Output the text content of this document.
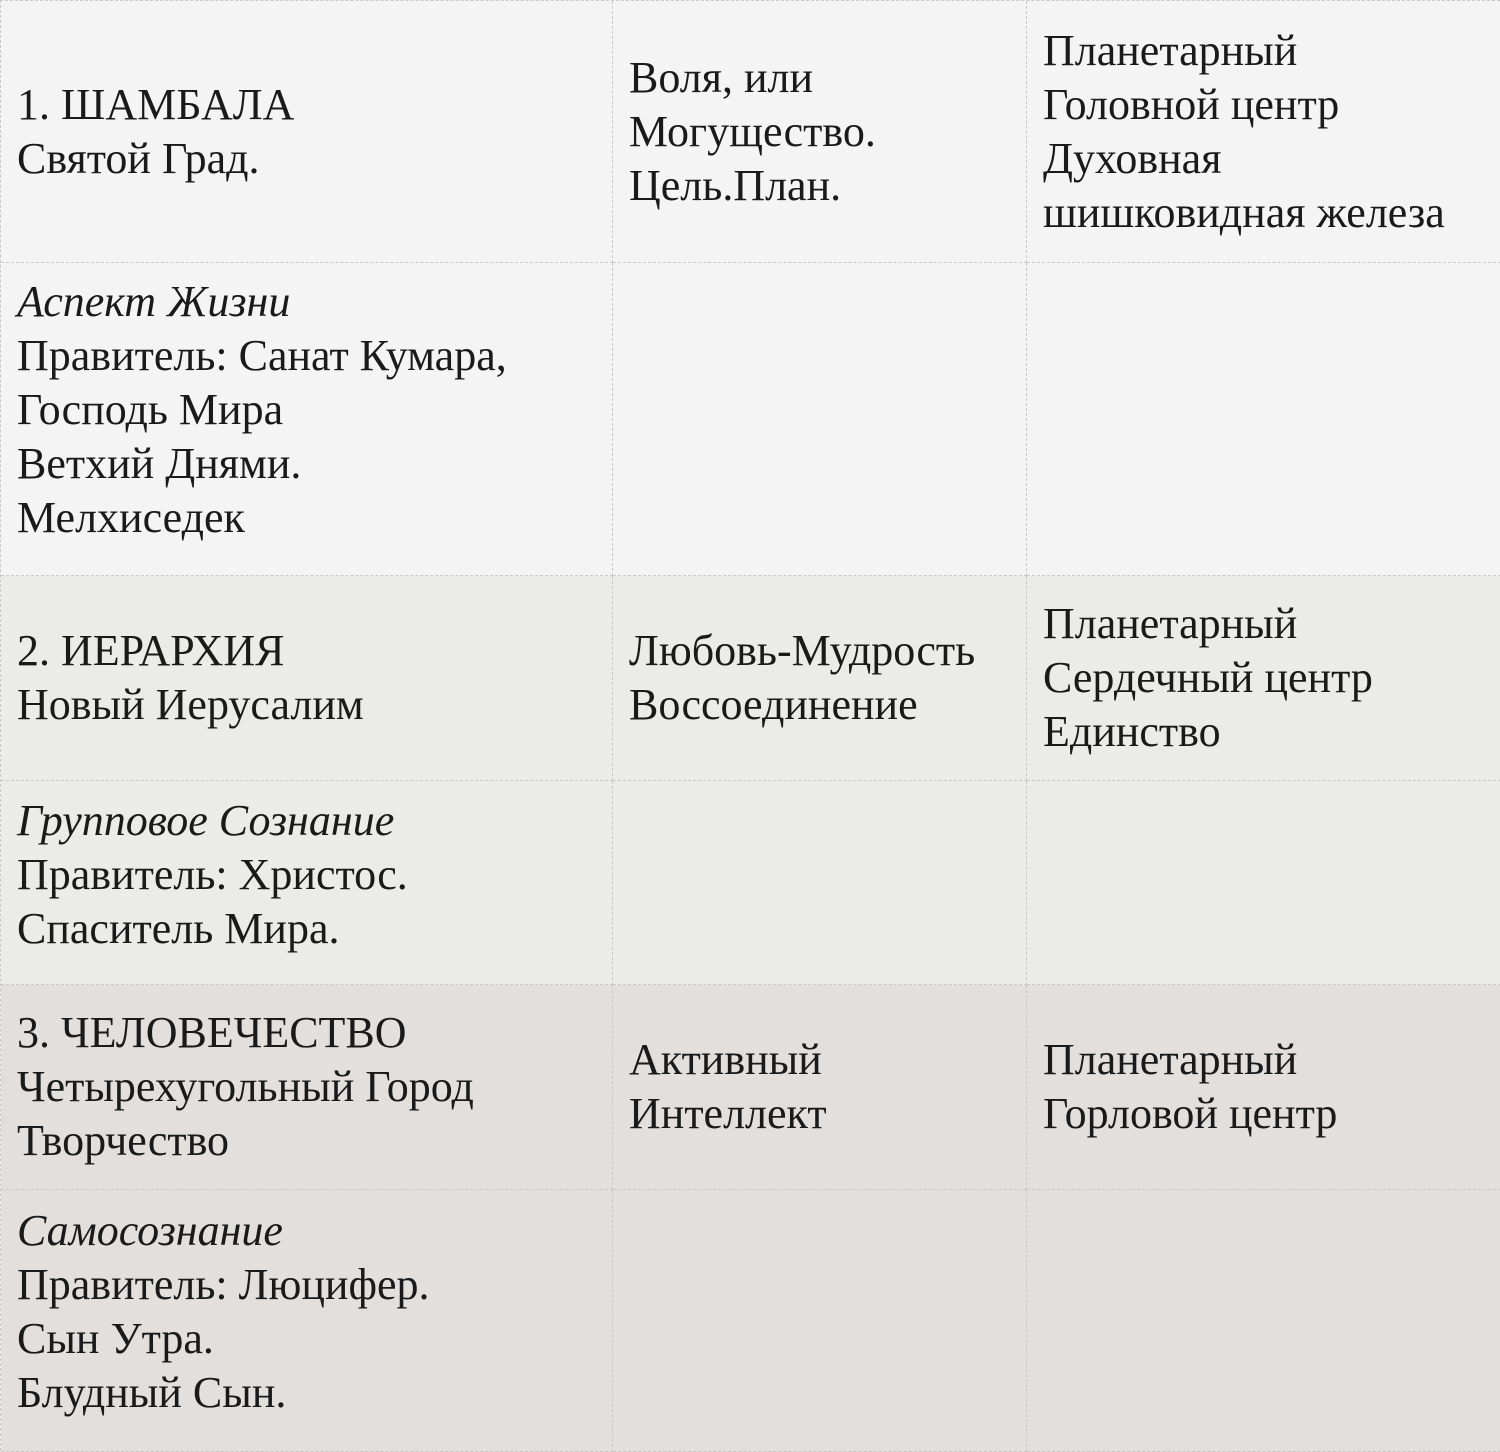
1. ШАМБАЛА
Святой Град.
Воля, или
Могущество.
Цель.План.
Планетарный
Головной центр
Духовная
шишковидная железа
Аспект Жизни
Правитель: Санат Кумара,
Господь Мира
Ветхий Днями.
Мелхиседек
2. ИЕРАРХИЯ
Новый Иерусалим
Любовь-Мудрость
Воссоединение
Планетарный
Сердечный центр
Единство
Групповое Сознание
Правитель: Христос.
Спаситель Мира.
3. ЧЕЛОВЕЧЕСТВО
Четырехугольный Город
Творчество
Активный
Интеллект
Планетарный
Горловой центр
Самосознание
Правитель: Люцифер.
Сын Утра.
Блудный Сын.
